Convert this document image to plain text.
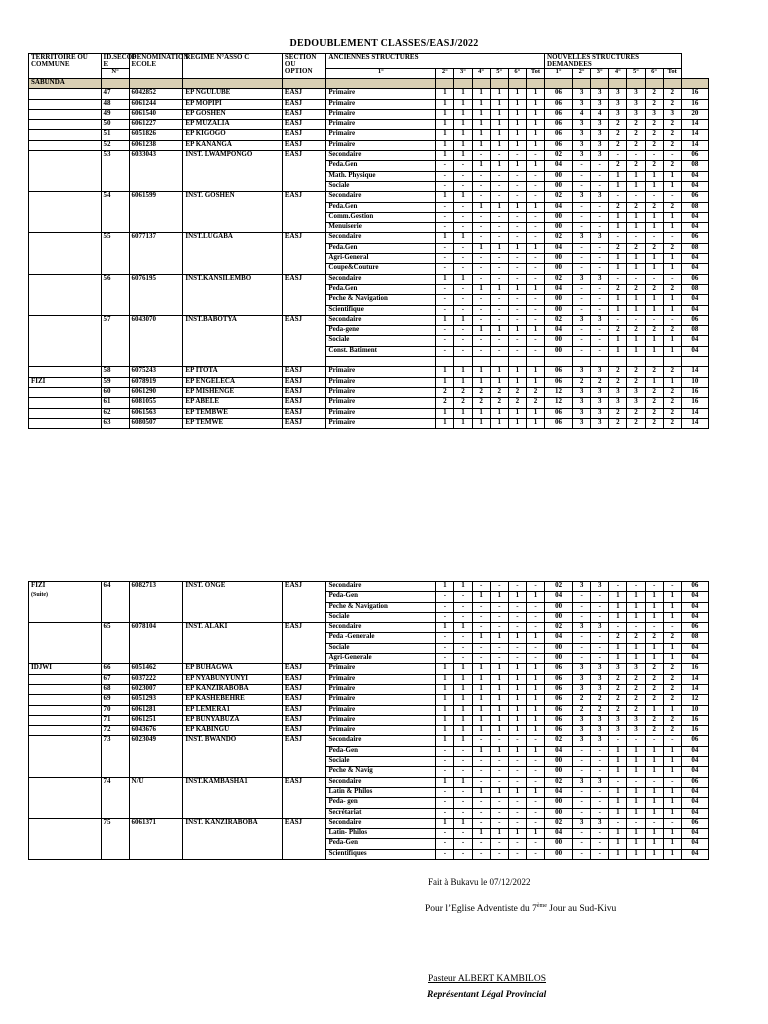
DEDOUBLEMENT CLASSES/EASJ/2022
TERRITOIRE OU COMMUNE	ID.SECOP E	DENOMINATION ECOLE	REGIME N°ASSO C	SECTION OU OPTION	ANCIENNES STRUCTURES							NOUVELLES STRUCTURES DEMANDEES							
	N°				1°	2°	3°	4°	5°	6°	Tot	1°	2°	3°	4°	5°	6°	Tot	
SABUNDA																			
	47	6042852	EP NGULUBE	EASJ	Primaire	1	1	1	1	1	1	06	3	3	3	3	2	2	16
	48	6061244	EP MOPIPI	EASJ	Primaire	1	1	1	1	1	1	06	3	3	3	3	2	2	16
	49	6061540	EP GOSHEN	EASJ	Primaire	1	1	1	1	1	1	06	4	4	3	3	3	3	20
	50	6061227	EP MUZALIA	EASJ	Primaire	1	1	1	1	1	1	06	3	3	2	2	2	2	14
	51	6051826	EP KIGOGO	EASJ	Primaire	1	1	1	1	1	1	06	3	3	2	2	2	2	14
	52	6061238	EP KANANGA	EASJ	Primaire	1	1	1	1	1	1	06	3	3	2	2	2	2	14
	53	6033043	INST. LWAMPONGO	EASJ	Secondaire	1	1	-	-	-	-	02	3	3	-	-	-	-	06
					Peda.Gen	-	-	1	1	1	1	04	-	-	2	2	2	2	08
					Math. Physique	-	-	-	-	-	-	00	-	-	1	1	1	1	04
					Sociale	-	-	-	-	-	-	00	-	-	1	1	1	1	04
	54	6061599	INST. GOSHEN	EASJ	Secondaire	1	1	-	-	-	-	02	3	3	-	-	-	-	06
					Peda.Gen	-	-	1	1	1	1	04	-	-	2	2	2	2	08
					Comm.Gestion	-	-	-	-	-	-	00	-	-	1	1	1	1	04
					Menuiserie	-	-	-	-	-	-	00	-	-	1	1	1	1	04
	55	6077137	INST.LUGABA	EASJ	Secondaire	1	1	-	-	-	-	02	3	3	-	-	-	-	06
					Peda.Gen	-	-	1	1	1	1	04	-	-	2	2	2	2	08
					Agri-General	-	-	-	-	-	-	00	-	-	1	1	1	1	04
					Coupe&Couture	-	-	-	-	-	-	00	-	-	1	1	1	1	04
	56	6076195	INST.KANSILEMBO	EASJ	Secondaire	1	1	-	-	-	-	02	3	3	-	-	-	-	06
					Peda.Gen	-	-	1	1	1	1	04	-	-	2	2	2	2	08
					Peche & Navigation	-	-	-	-	-	-	00	-	-	1	1	1	1	04
					Scientifique	-	-	-	-	-	-	00	-	-	1	1	1	1	04
	57	6043070	INST.BABOTYA	EASJ	Secondaire	1	1	-	-	-	-	02	3	3	-	-	-	-	06
					Peda-gene	-	-	1	1	1	1	04	-	-	2	2	2	2	08
					Sociale	-	-	-	-	-	-	00	-	-	1	1	1	1	04
					Const. Batiment	-	-	-	-	-	-	00	-	-	1	1	1	1	04

	58	6075243	EP ITOTA	EASJ	Primaire	1	1	1	1	1	1	06	3	3	2	2	2	2	14
FIZI	59	6078919	EP ENGELECA	EASJ	Primaire	1	1	1	1	1	1	06	2	2	2	2	1	1	10
	60	6061290	EP MISHENGE	EASJ	Primaire	2	2	2	2	2	2	12	3	3	3	3	2	2	16
	61	6081055	EP ABELE	EASJ	Primaire	2	2	2	2	2	2	12	3	3	3	3	2	2	16
	62	6061563	EP TEMBWE	EASJ	Primaire	1	1	1	1	1	1	06	3	3	2	2	2	2	14
	63	6080507	EP TEMWE	EASJ	Primaire	1	1	1	1	1	1	06	3	3	2	2	2	2	14
FIZI	64	6082713	INST. ONGE	EASJ	Secondaire	1	1	-	-	-	-	02	3	3	-	-	-	-	06
(Suite)					Peda-Gen	-	-	1	1	1	1	04	-	-	1	1	1	1	04
					Peche & Navigation	-	-	-	-	-	-	00	-	-	1	1	1	1	04
					Sociale	-	-	-	-	-	-	00	-	-	1	1	1	1	04
	65	6078104	INST. ALAKI	EASJ	Secondaire	1	1	-	-	-	-	02	3	3	-	-	-	-	06
					Peda -Generale	-	-	1	1	1	1	04	-	-	2	2	2	2	08
					Sociale	-	-	-	-	-	-	00	-	-	1	1	1	1	04
					Agri-Generale	-	-	-	-	-	-	00	-	-	1	1	1	1	04
IDJWI	66	6051462	EP BUHAGWA	EASJ	Primaire	1	1	1	1	1	1	06	3	3	3	3	2	2	16
	67	6037222	EP NYABUNYUNYI	EASJ	Primaire	1	1	1	1	1	1	06	3	3	2	2	2	2	14
	68	6023007	EP KANZIRABOBA	EASJ	Primaire	1	1	1	1	1	1	06	3	3	2	2	2	2	14
	69	6051293	EP KASHEBEHRE	EASJ	Primaire	1	1	1	1	1	1	06	2	2	2	2	2	2	12
	70	6061281	EP LEMERA1	EASJ	Primaire	1	1	1	1	1	1	06	2	2	2	2	1	1	10
	71	6061251	EP BUNYABUZA	EASJ	Primaire	1	1	1	1	1	1	06	3	3	3	3	2	2	16
	72	6043676	EP KABINGU	EASJ	Primaire	1	1	1	1	1	1	06	3	3	3	3	2	2	16
	73	6023049	INST. BWANDO	EASJ	Secondaire	1	1	-	-	-	-	02	3	3	-	-	-	-	06
					Peda-Gen	-	-	1	1	1	1	04	-	-	1	1	1	1	04
					Sociale	-	-	-	-	-	-	00	-	-	1	1	1	1	04
					Peche & Navig	-	-	-	-	-	-	00	-	-	1	1	1	1	04
	74	N/U	INST.KAMBASHA1	EASJ	Secondaire	1	1	-	-	-	-	02	3	3	-	-	-	-	06
					Latin & Philos	-	-	1	1	1	1	04	-	-	1	1	1	1	04
					Peda- gen	-	-	-	-	-	-	00	-	-	1	1	1	1	04
					Secrétariat	-	-	-	-	-	-	00	-	-	1	1	1	1	04
	75	6061371	INST. KANZIRABOBA	EASJ	Secondaire	1	1	-	-	-	-	02	3	3	-	-	-	-	06
					Latin- Philos	-	-	1	1	1	1	04	-	-	1	1	1	1	04
					Peda-Gen	-	-	-	-	-	-	00	-	-	1	1	1	1	04
					Scientifiques	-	-	-	-	-	-	00	-	-	1	1	1	1	04
Fait à Bukavu le 07/12/2022
Pour l’Eglise Adventiste du 7ème Jour au Sud-Kivu
Pasteur ALBERT KAMBILOS
Représentant Légal Provincial
